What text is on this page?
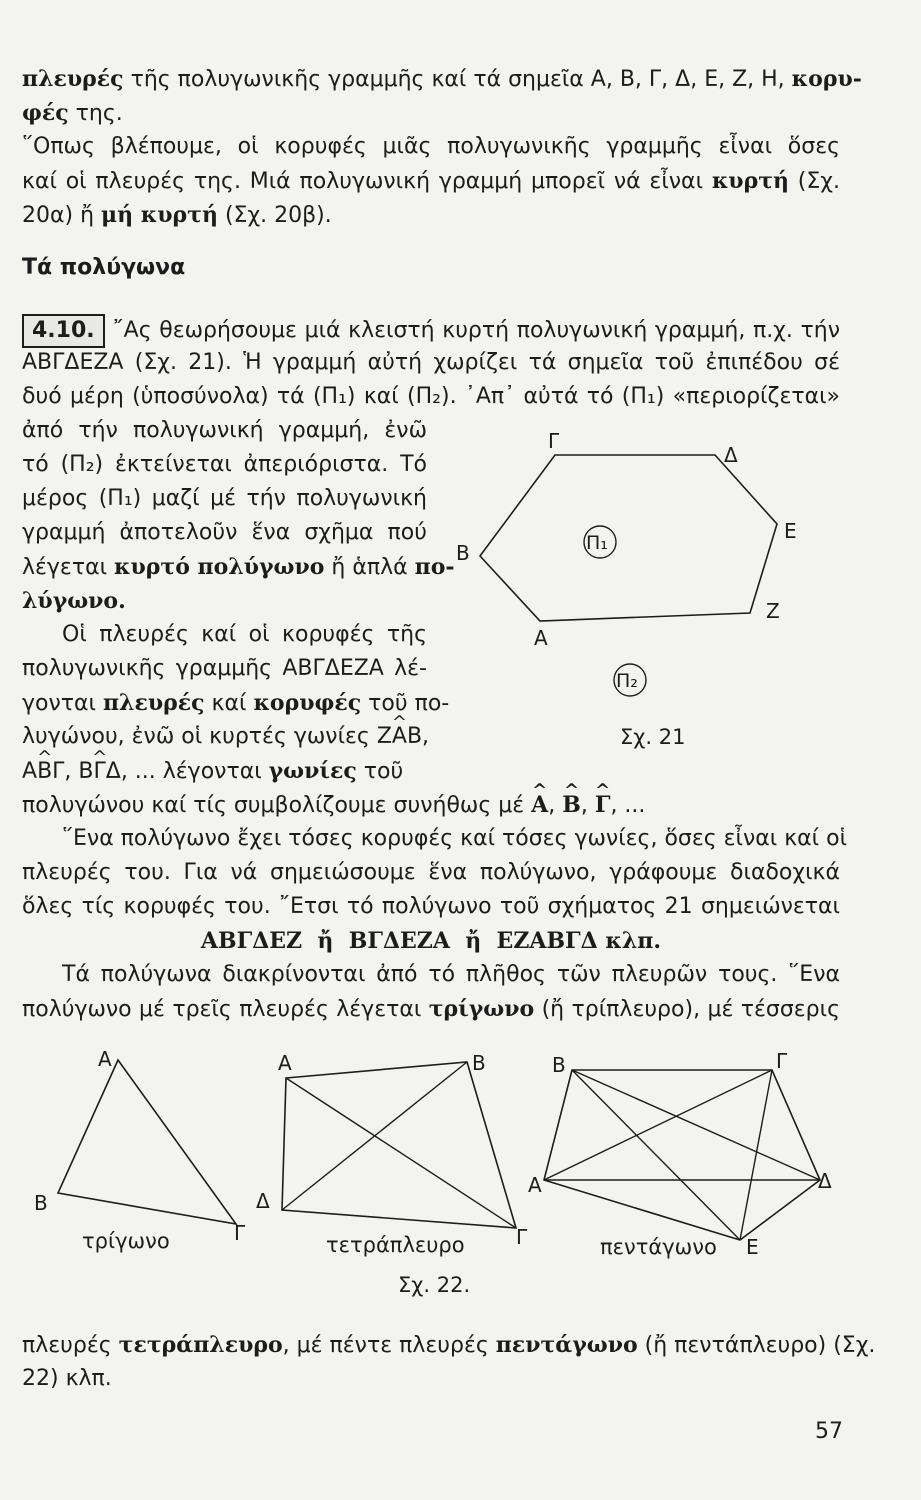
πλευρές τῆς πολυγωνικῆς γραμμῆς καί τά σημεῖα Α, Β, Γ, Δ, Ε, Ζ, Η, κορυ-
φές της.
῞Οπως βλέπουμε, οἱ κορυφές μιᾶς πολυγωνικῆς γραμμῆς εἶναι ὅσες
καί οἱ πλευρές της. Μιά πολυγωνική γραμμή μπορεῖ νά εἶναι κυρτή (Σχ.
20α) ἤ μή κυρτή (Σχ. 20β).
Τά πολύγωνα
4.10. ῎Ας θεωρήσουμε μιά κλειστή κυρτή πολυγωνική γραμμή, π.χ. τήν
ΑΒΓΔΕΖΑ (Σχ. 21). Ἡ γραμμή αὐτή χωρίζει τά σημεῖα τοῦ ἐπιπέδου σέ
δυό μέρη (ὑποσύνολα) τά (Π₁) καί (Π₂). ᾿Απ᾿ αὐτά τό (Π₁) «περιορίζεται»
ἀπό τήν πολυγωνική γραμμή, ἐνῶ
τό (Π₂) ἐκτείνεται ἀπεριόριστα. Τό
μέρος (Π₁) μαζί μέ τήν πολυγωνική
γραμμή ἀποτελοῦν ἕνα σχῆμα πού
λέγεται κυρτό πολύγωνο ἤ ἁπλά πο-
λύγωνο.
Οἱ πλευρές καί οἱ κορυφές τῆς
πολυγωνικῆς γραμμῆς ΑΒΓΔΕΖΑ λέ-
γονται πλευρές καί κορυφές τοῦ πο-
λυγώνου, ἐνῶ οἱ κυρτές γωνίες Ζ^ ΑΒ,
Α^ ΒΓ, Β^ ΓΔ, ... λέγονται γωνίες τοῦ
πολυγώνου καί τίς συμβολίζουμε συνήθως μέ ^ Α, ^ Β, ^ Γ, ...
῞Ενα πολύγωνο ἔχει τόσες κορυφές καί τόσες γωνίες, ὅσες εἶναι καί οἱ
πλευρές του. Για νά σημειώσουμε ἕνα πολύγωνο, γράφουμε διαδοχικά
ὅλες τίς κορυφές του. ῎Ετσι τό πολύγωνο τοῦ σχήματος 21 σημειώνεται
ΑΒΓΔΕΖ  ἤ  ΒΓΔΕΖΑ  ἤ  ΕΖΑΒΓΔ κλπ.
Τά πολύγωνα διακρίνονται ἀπό τό πλῆθος τῶν πλευρῶν τους. ῞Ενα
πολύγωνο μέ τρεῖς πλευρές λέγεται τρίγωνο (ἤ τρίπλευρο), μέ τέσσερις
Γ
Δ
Ε
Ζ
Α
Β	Π₁
Π₂
Σχ. 21
Α
Β
Γ
τρίγωνο
Α	Β
Γ
Δ
τετράπλευρο
Β	Γ
Δ
Α
Ε
πεντάγωνο
Σχ. 22.
πλευρές τετράπλευρο, μέ πέντε πλευρές πεντάγωνο (ἤ πεντάπλευρο) (Σχ.
22) κλπ.
57
